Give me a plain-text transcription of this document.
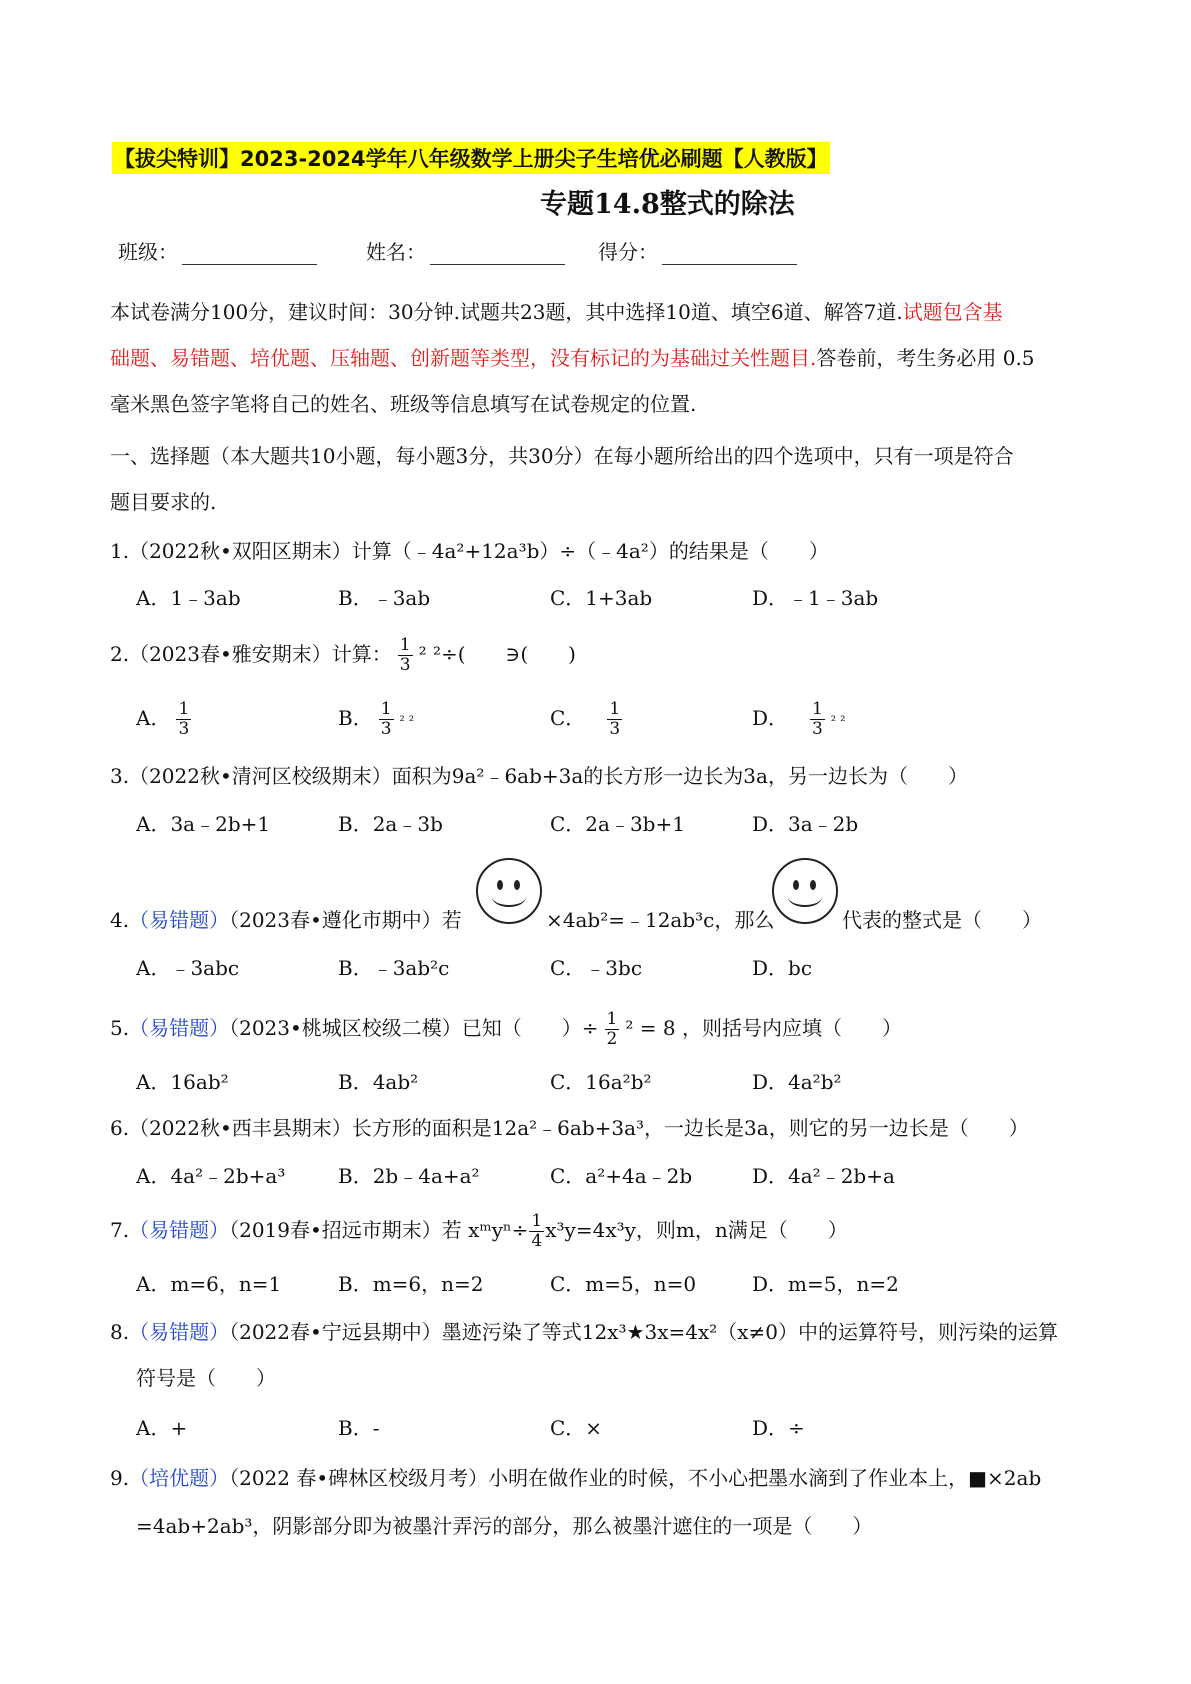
【拔尖特训】2023-2024学年八年级数学上册尖子生培优必刷题【人教版】
专题14.8整式的除法
班级：	姓名：	得分：
本试卷满分100分，建议时间：30分钟.试题共23题，其中选择10道、填空6道、解答7道.试题包含基
础题、易错题、培优题、压轴题、创新题等类型，没有标记的为基础过关性题目.答卷前，考生务必用 0.5
毫米黑色签字笔将自己的姓名、班级等信息填写在试卷规定的位置.
一、选择题（本大题共10小题，每小题3分，共30分）在每小题所给出的四个选项中，只有一项是符合
题目要求的.
1.（2022秋•双阳区期末）计算（﹣4a²+12a³b）÷（﹣4a²）的结果是（　　）
A．1﹣3ab	B．﹣3ab	C．1+3ab	D．﹣1﹣3ab
2.（2023春•雅安期末）计算： $\frac{1}{3} ^2$ ²÷(　　∋(　　)
A． $\frac{1}{3}$	B． $\frac{1}{3} ^2$ ²	C． $\frac{1}{3}$	D． $\frac{1}{3} ^2$ ²
3.（2022秋•清河区校级期末）面积为9a²﹣6ab+3a的长方形一边长为3a，另一边长为（　　）
A．3a﹣2b+1	B．2a﹣3b	C．2a﹣3b+1	D．3a﹣2b
4.（易错题）（2023春•遵化市期中）若	×4ab²=﹣12ab³c，那么	代表的整式是（　　）
A．﹣3abc	B．﹣3ab²c	C．﹣3bc	D．bc
5.（易错题）（2023•桃城区校级二模）已知（　　）÷ $\frac{1}{2} ^2 = 8$ ，则括号内应填（　　）
A．16ab²	B．4ab²	C．16a²b²	D．4a²b²
6.（2022秋•西丰县期末）长方形的面积是12a²﹣6ab+3a³，一边长是3a，则它的另一边长是（　　）
A．4a²﹣2b+a³	B．2b﹣4a+a²	C．a²+4a﹣2b	D．4a²﹣2b+a
7.（易错题）（2019春•招远市期末）若 xᵐyⁿ÷ $\frac{1}{4} x^3y=4x^3y$，则m，n满足（　　）
A．m=6，n=1	B．m=6，n=2	C．m=5，n=0	D．m=5，n=2
8.（易错题）（2022春•宁远县期中）墨迹污染了等式12x³★3x=4x²（x≠0）中的运算符号，则污染的运算
符号是（　　）
A．+	B．-	C．×	D．÷
9.（培优题）（2022 春•碑林区校级月考）小明在做作业的时候，不小心把墨水滴到了作业本上，■×2ab
=4ab+2ab³，阴影部分即为被墨汁弄污的部分，那么被墨汁遮住的一项是（　　）
